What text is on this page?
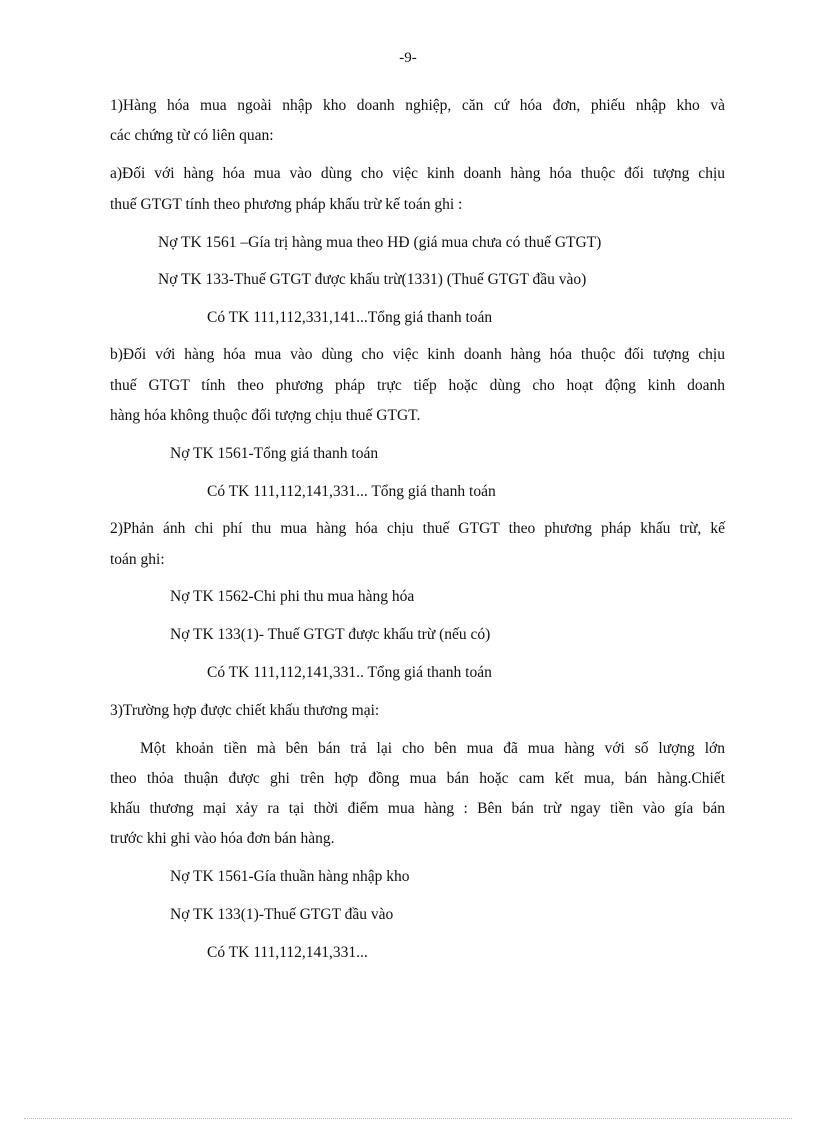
-9-
1)Hàng hóa mua ngoài nhập kho doanh nghiệp, căn cứ hóa đơn, phiếu nhập kho và
các chứng từ có liên quan:
a)Đối với hàng hóa mua vào dùng cho việc kinh doanh hàng hóa thuộc đối tượng chịu
thuế GTGT tính theo phương pháp khấu trừ kế toán ghi :
Nợ TK 1561 –Gía trị hàng mua theo HĐ (giá mua chưa có thuế GTGT)
Nợ TK 133-Thuế GTGT được khấu trừ(1331) (Thuế GTGT đầu vào)
Có TK 111,112,331,141...Tổng giá thanh toán
b)Đối với hàng hóa mua vào dùng cho việc kinh doanh hàng hóa thuộc đối tượng chịu
thuế GTGT tính theo phương pháp trực tiếp hoặc dùng cho hoạt động kinh doanh
hàng hóa không thuộc đối tượng chịu thuế GTGT.
Nợ TK 1561-Tổng giá thanh toán
Có TK 111,112,141,331... Tổng giá thanh toán
2)Phản ánh chi phí thu mua hàng hóa chịu thuế GTGT theo phương pháp khấu trừ, kế
toán ghi:
Nợ TK 1562-Chi phi thu mua hàng hóa
Nợ TK 133(1)- Thuế GTGT được khấu trừ (nếu có)
Có TK 111,112,141,331.. Tổng giá thanh toán
3)Trường hợp được chiết khấu thương mại:
Một khoản tiền mà bên bán trả lại cho bên mua đã mua hàng với số lượng lớn
theo thỏa thuận được ghi trên hợp đồng mua bán hoặc cam kết mua, bán hàng.Chiết
khấu thương mại xảy ra tại thời điểm mua hàng : Bên bán trừ ngay tiền vào gía bán
trước khi ghi vào hóa đơn bán hàng.
Nợ TK 1561-Gía thuần hàng nhập kho
Nợ TK 133(1)-Thuế GTGT đầu vào
Có TK 111,112,141,331...
